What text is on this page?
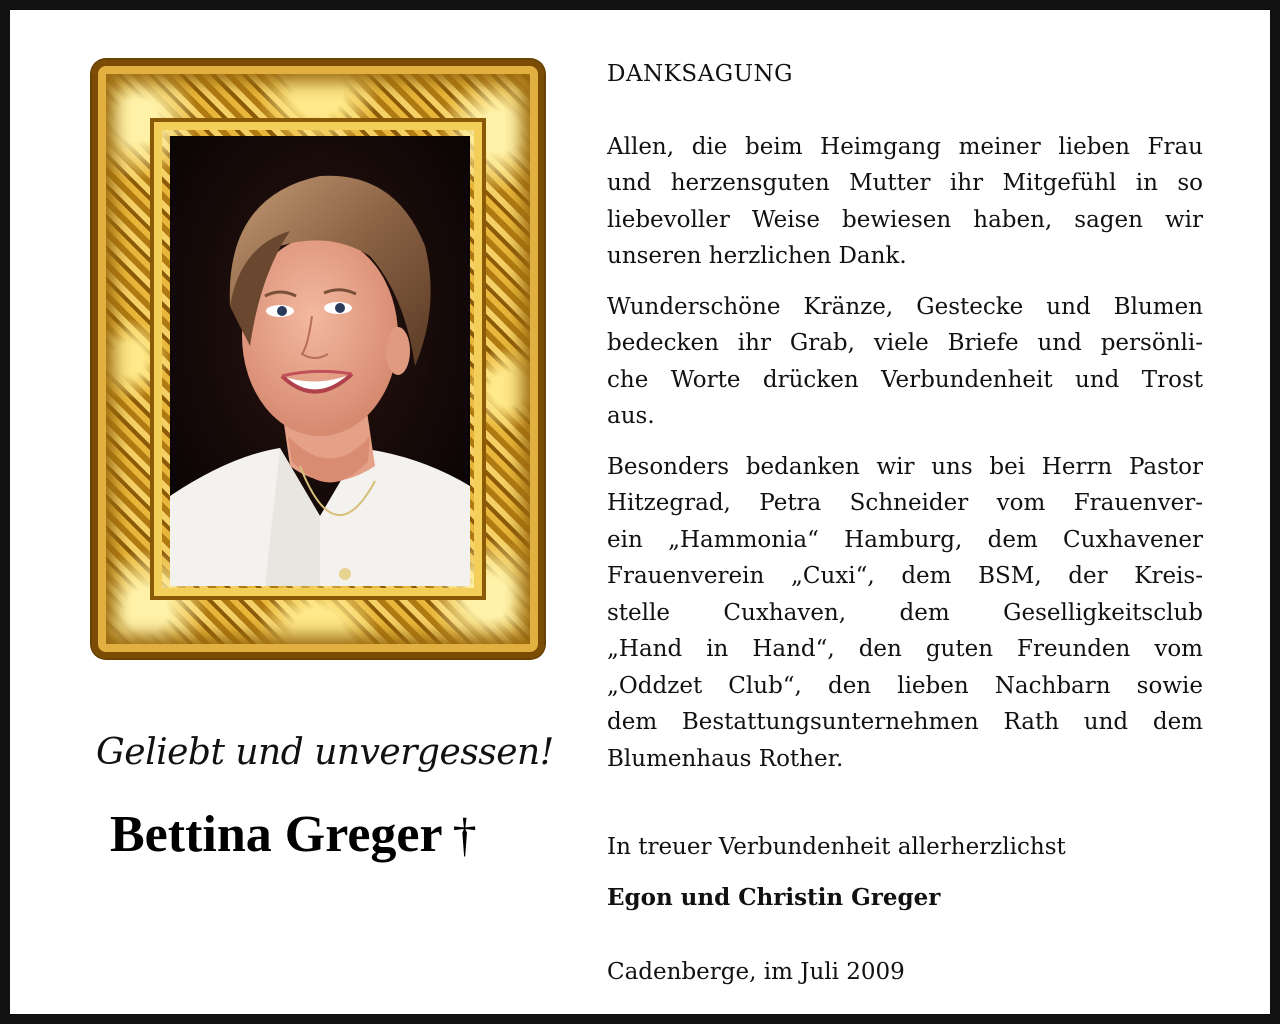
Geliebt und unvergessen!
Bettina Greger †
DANKSAGUNG
Allen, die beim Heimgang meiner lieben Frau
und herzensguten Mutter ihr Mitgefühl in so
liebevoller Weise bewiesen haben, sagen wir
unseren herzlichen Dank.
Wunderschöne Kränze, Gestecke und Blumen
bedecken ihr Grab, viele Briefe und persönli-
che Worte drücken Verbundenheit und Trost
aus.
Besonders bedanken wir uns bei Herrn Pastor
Hitzegrad, Petra Schneider vom Frauenver-
ein „Hammonia“ Hamburg, dem Cuxhavener
Frauenverein „Cuxi“, dem BSM, der Kreis-
stelle Cuxhaven, dem Geselligkeitsclub
„Hand in Hand“, den guten Freunden vom
„Oddzet Club“, den lieben Nachbarn sowie
dem Bestattungsunternehmen Rath und dem
Blumenhaus Rother.
In treuer Verbundenheit allerherzlichst
Egon und Christin Greger
Cadenberge, im Juli 2009
